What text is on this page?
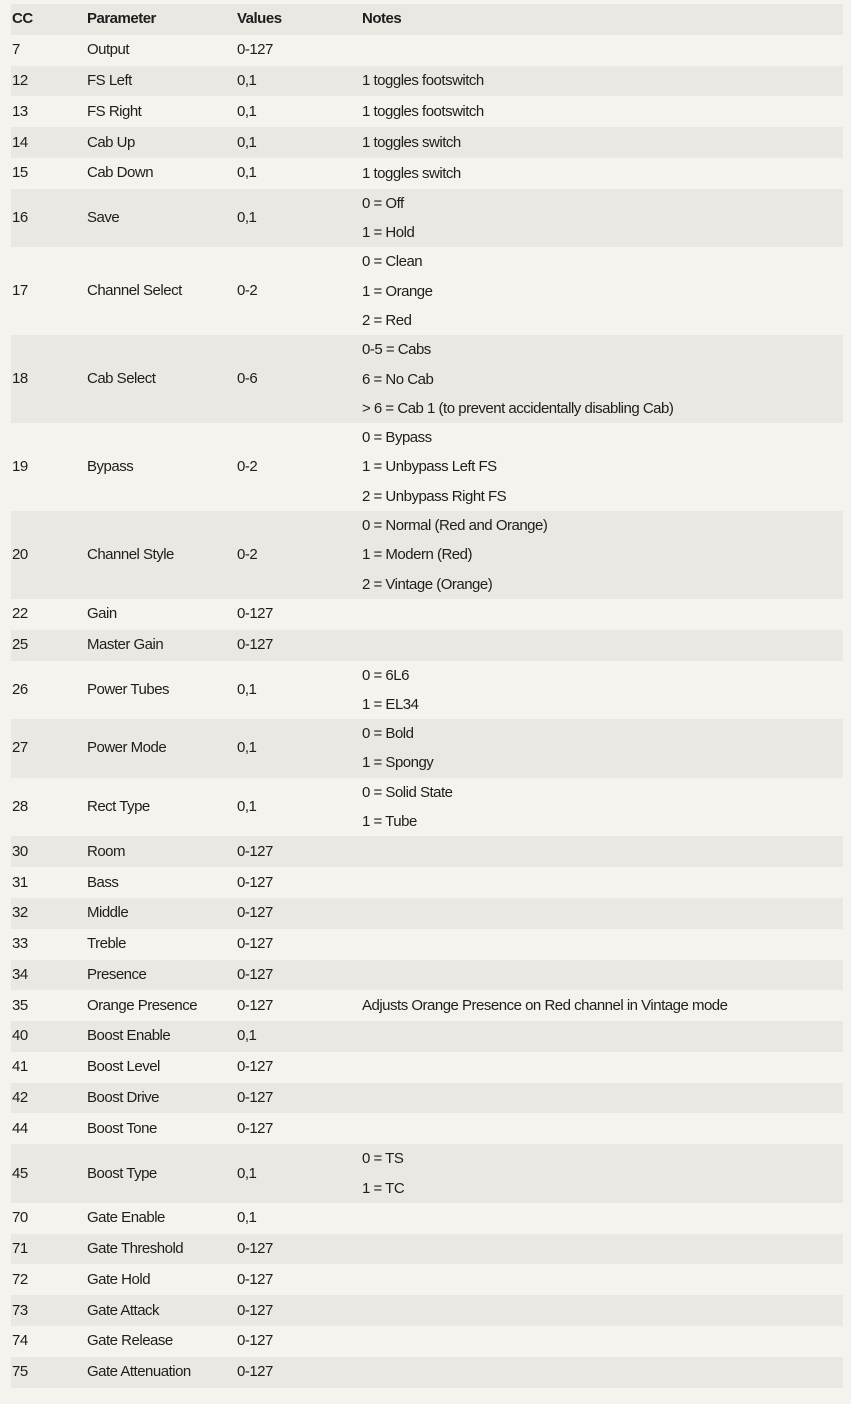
CC	Parameter	Values	Notes
7	Output	0-127	
12	FS Left	0,1	1 toggles footswitch

13	FS Right	0,1	1 toggles footswitch

14	Cab Up	0,1	1 toggles switch

15	Cab Down	0,1	1 toggles switch

16	Save	0,1	0 = Off
1 = Hold

17	Channel Select	0-2	0 = Clean
1 = Orange
2 = Red

18	Cab Select	0-6	0-5 = Cabs
6 = No Cab
> 6 = Cab 1 (to prevent accidentally disabling Cab)

19	Bypass	0-2	0 = Bypass
1 = Unbypass Left FS
2 = Unbypass Right FS

20	Channel Style	0-2	0 = Normal (Red and Orange)
1 = Modern (Red)
2 = Vintage (Orange)

22	Gain	0-127	
25	Master Gain	0-127	
26	Power Tubes	0,1	0 = 6L6
1 = EL34

27	Power Mode	0,1	0 = Bold
1 = Spongy

28	Rect Type	0,1	0 = Solid State
1 = Tube

30	Room	0-127	
31	Bass	0-127	
32	Middle	0-127	
33	Treble	0-127	
34	Presence	0-127	
35	Orange Presence	0-127	Adjusts Orange Presence on Red channel in Vintage mode

40	Boost Enable	0,1	
41	Boost Level	0-127	
42	Boost Drive	0-127	
44	Boost Tone	0-127	
45	Boost Type	0,1	0 = TS
1 = TC

70	Gate Enable	0,1	
71	Gate Threshold	0-127	
72	Gate Hold	0-127	
73	Gate Attack	0-127	
74	Gate Release	0-127	
75	Gate Attenuation	0-127	
